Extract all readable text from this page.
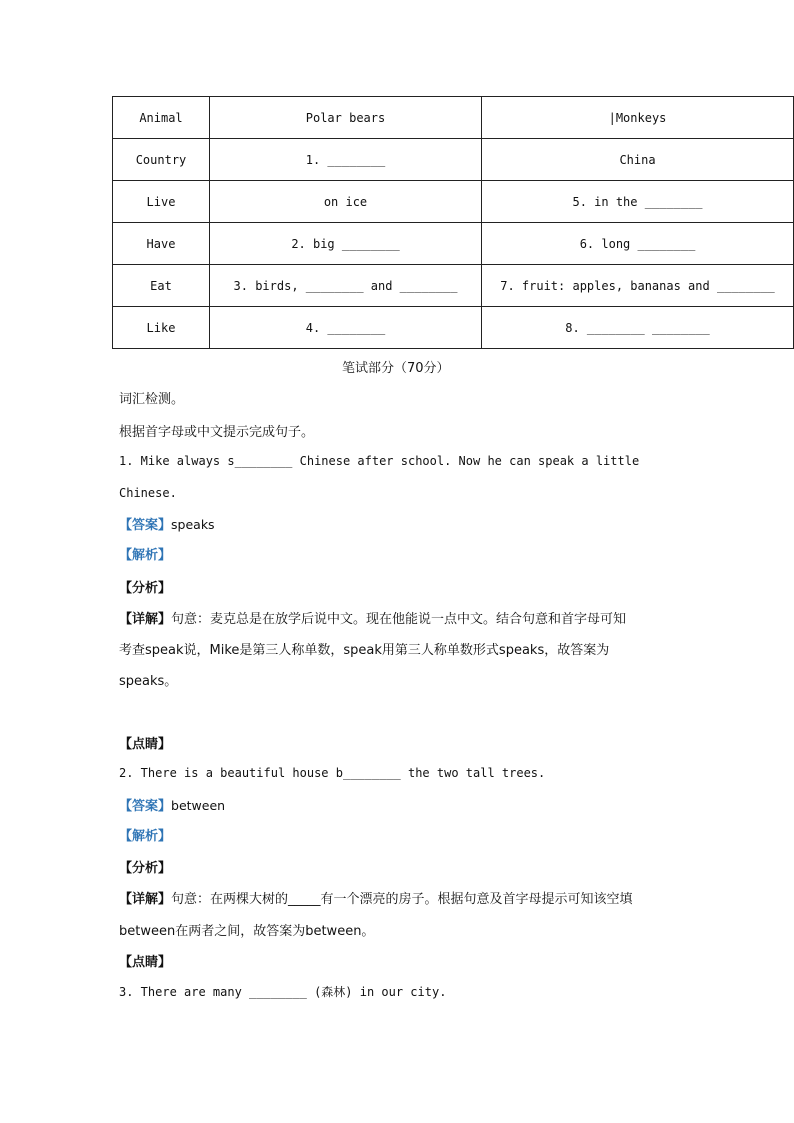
Animal	Polar bears	|Monkeys
Country	1. ________	China
Live	on ice	5. in the ________
Have	2. big ________	6. long ________
Eat	3. birds, ________ and ________	7. fruit: apples, bananas and ________
Like	4. ________	8. ________ ________
笔试部分（70分）
词汇检测。
根据首字母或中文提示完成句子。
1. Mike always s________ Chinese after school. Now he can speak a little
Chinese.
【答案】speaks
【解析】
【分析】
【详解】句意：麦克总是在放学后说中文。现在他能说一点中文。结合句意和首字母可知
考查speak说，Mike是第三人称单数，speak用第三人称单数形式speaks，故答案为
speaks。
【点睛】
2. There is a beautiful house b________ the two tall trees.
【答案】between
【解析】
【分析】
【详解】句意：在两棵大树的_____有一个漂亮的房子。根据句意及首字母提示可知该空填
between在两者之间，故答案为between。
【点睛】
3. There are many ________ (森林) in our city.
